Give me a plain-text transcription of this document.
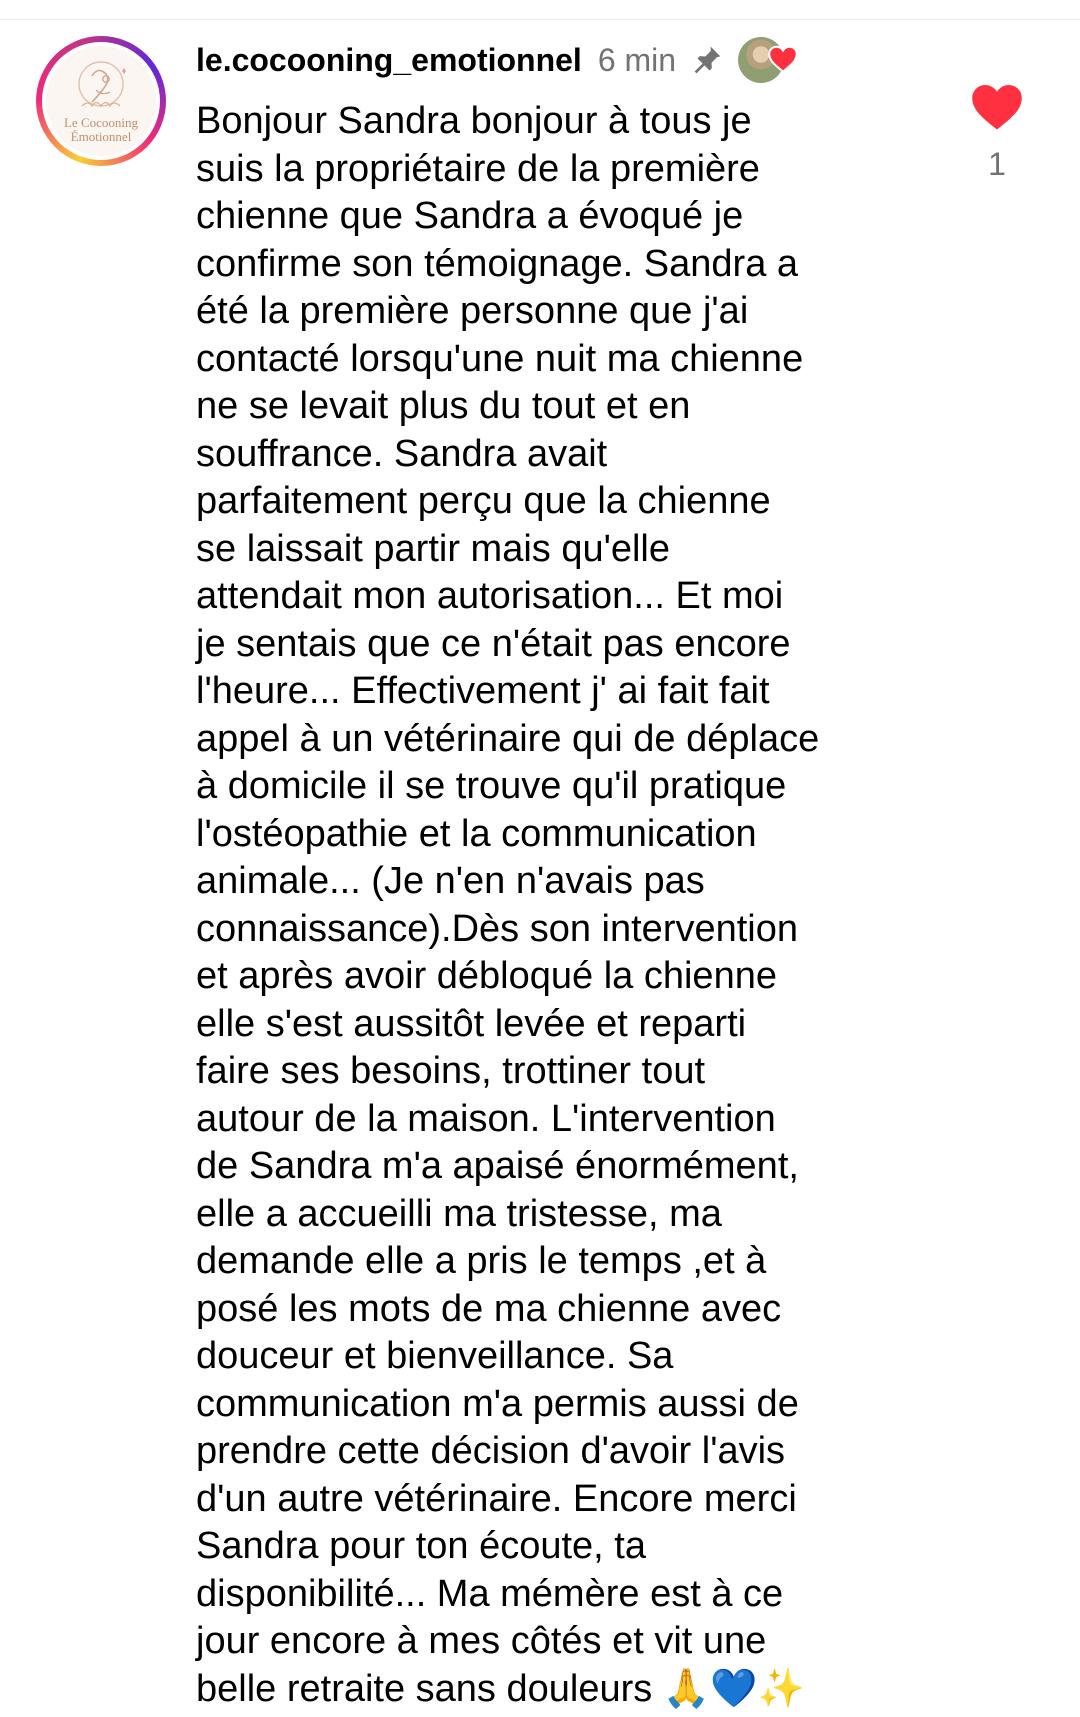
Le Cocooning
Émotionnel
le.cocooning_emotionnel 6 min

Bonjour Sandra bonjour à tous je
suis la propriétaire de la première
chienne que Sandra a évoqué je
confirme son témoignage. Sandra a
été la première personne que j'ai
contacté lorsqu'une nuit ma chienne
ne se levait plus du tout et en
souffrance. Sandra avait
parfaitement perçu que la chienne
se laissait partir mais qu'elle
attendait mon autorisation... Et moi
je sentais que ce n'était pas encore
l'heure... Effectivement j' ai fait fait
appel à un vétérinaire qui de déplace
à domicile il se trouve qu'il pratique
l'ostéopathie et la communication
animale... (Je n'en n'avais pas
connaissance).Dès son intervention
et après avoir débloqué la chienne
elle s'est aussitôt levée et reparti
faire ses besoins, trottiner tout
autour de la maison. L'intervention
de Sandra m'a apaisé énormément,
elle a accueilli ma tristesse, ma
demande elle a pris le temps ,et à
posé les mots de ma chienne avec
douceur et bienveillance. Sa
communication m'a permis aussi de
prendre cette décision d'avoir l'avis
d'un autre vétérinaire. Encore merci
Sandra pour ton écoute, ta
disponibilité... Ma mémère est à ce
jour encore à mes côtés et vit une
belle retraite sans douleurs 🙏💙✨

1
